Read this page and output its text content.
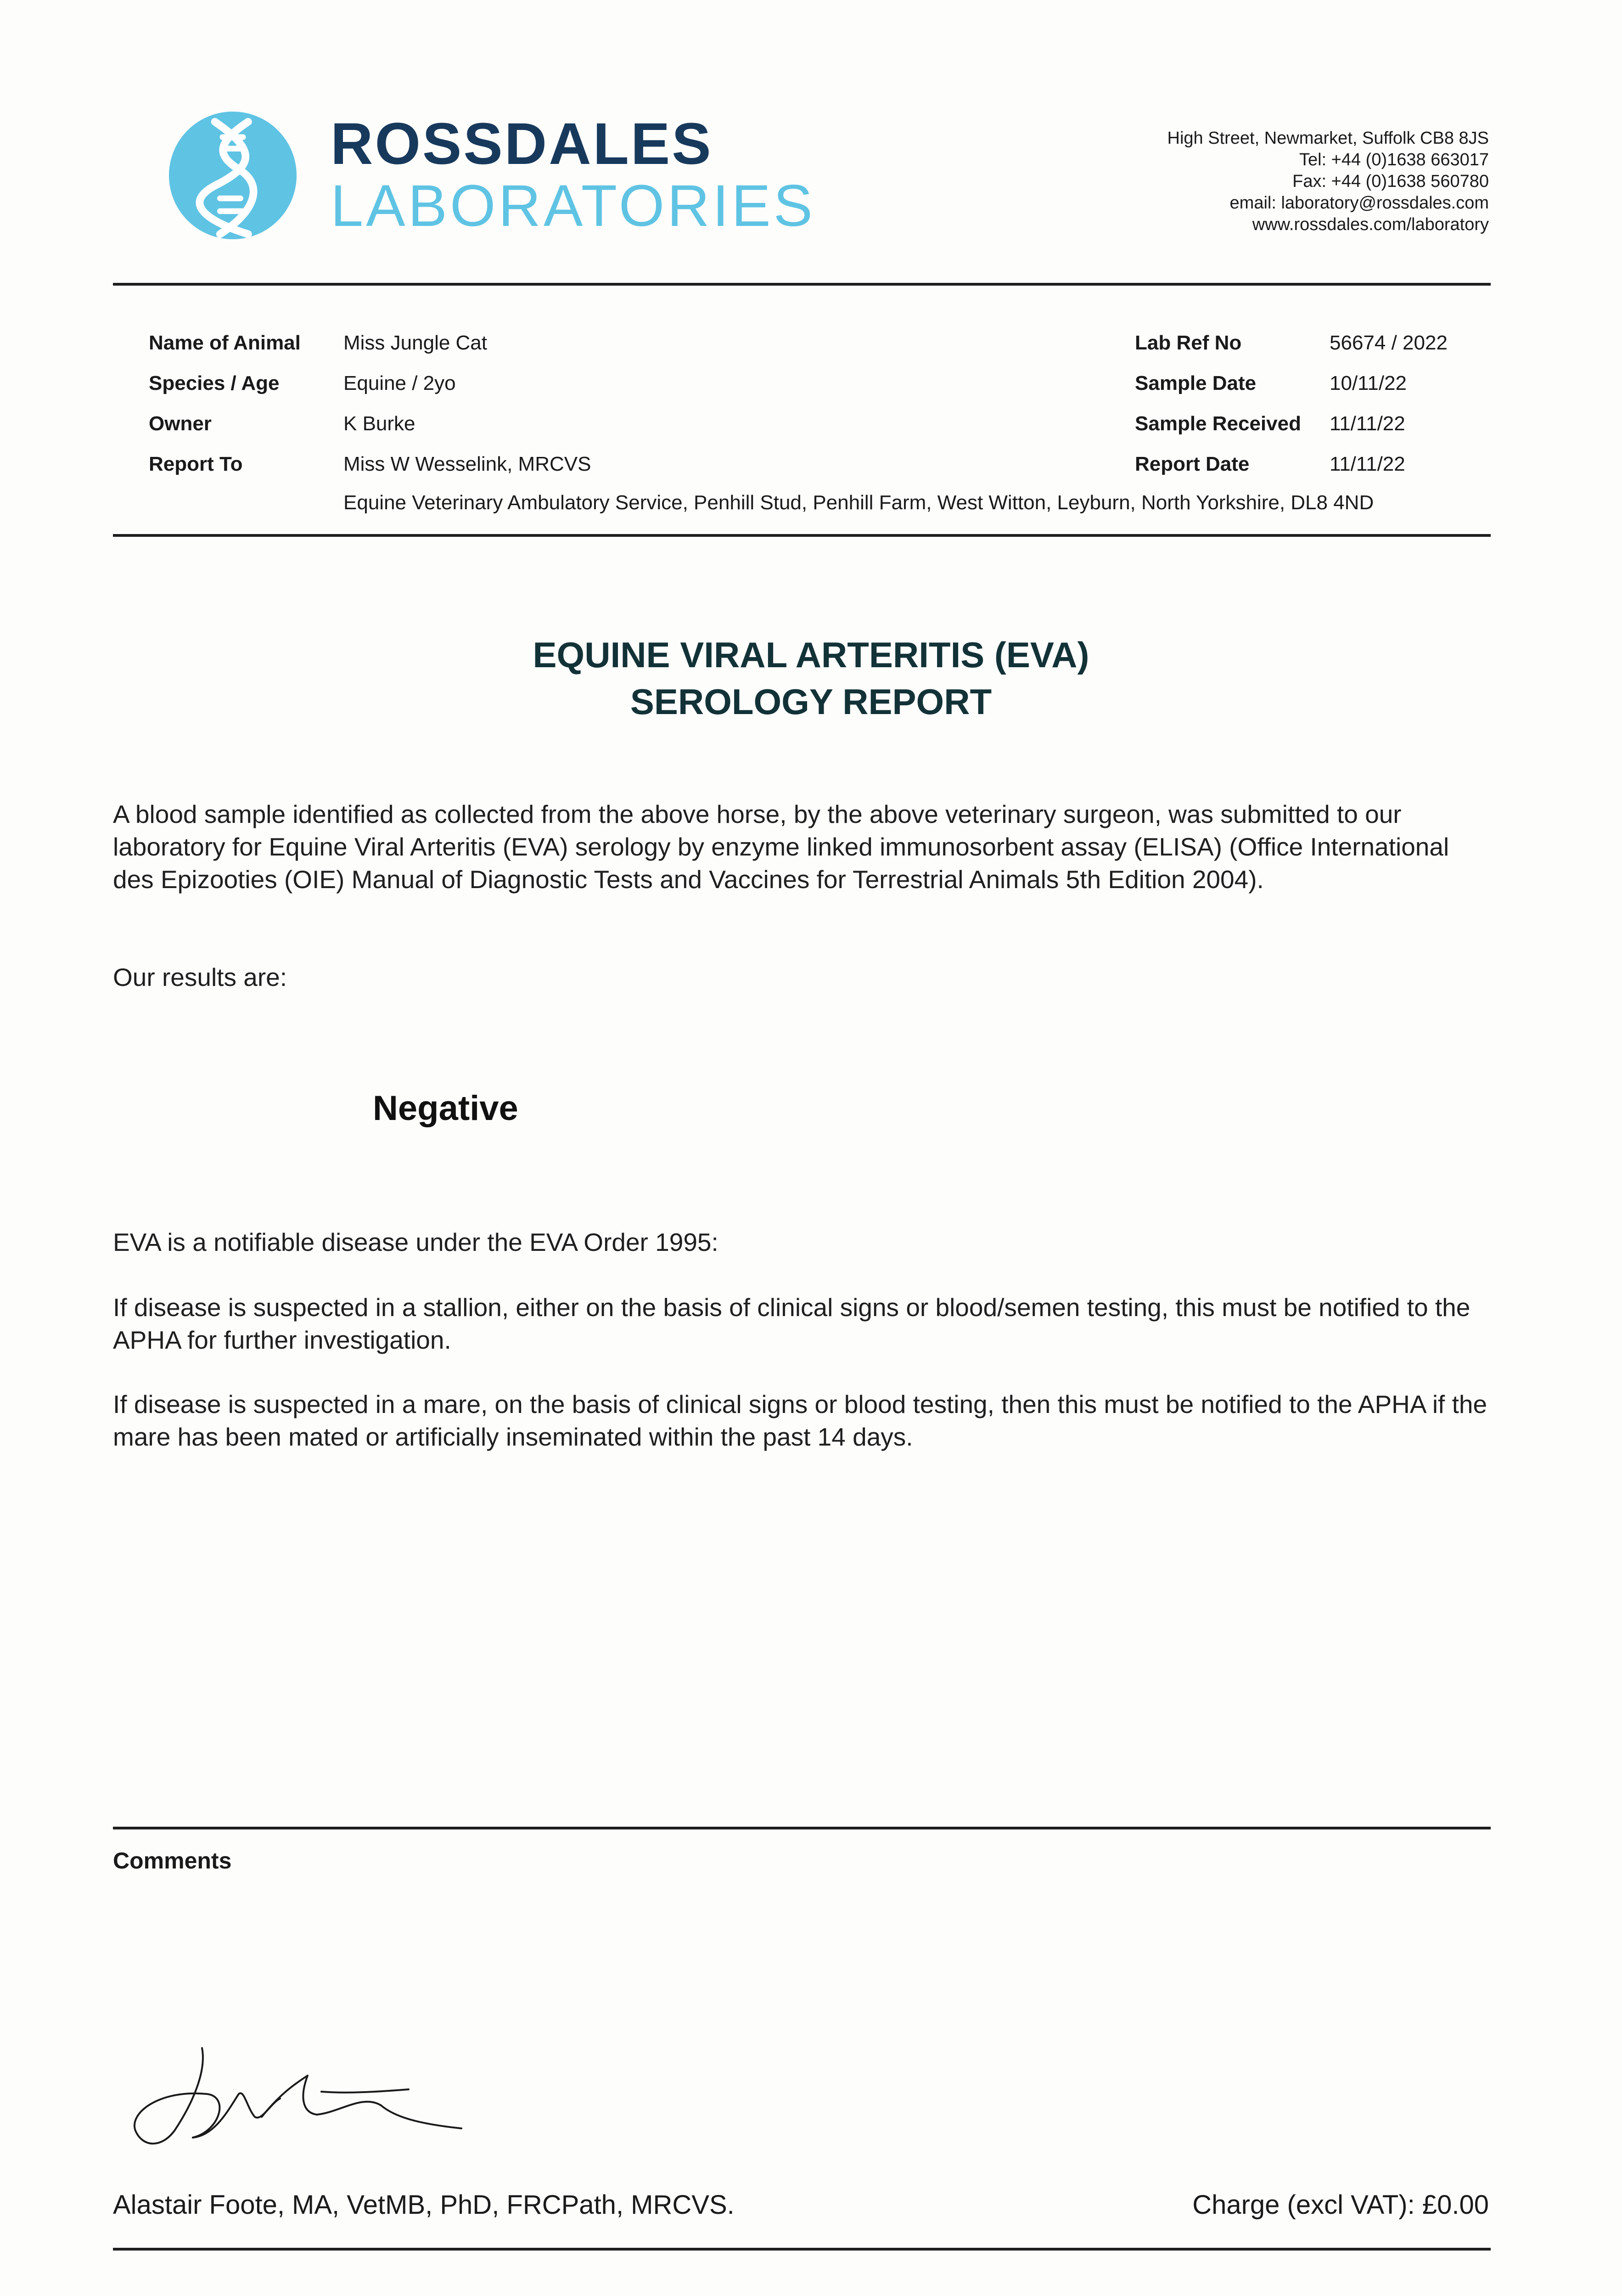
ROSSDALES
LABORATORIES
High Street, Newmarket, Suffolk CB8 8JS
Tel: +44 (0)1638 663017
Fax: +44 (0)1638 560780
email: laboratory@rossdales.com
www.rossdales.com/laboratory
Name of Animal Miss Jungle Cat
Species / Age	Equine / 2yo
Owner	K Burke
Report To	Miss W Wesselink, MRCVS
Equine Veterinary Ambulatory Service, Penhill Stud, Penhill Farm, West Witton, Leyburn, North Yorkshire, DL8 4ND
Lab Ref No	56674 / 2022
Sample Date	10/11/22
Sample Received 11/11/22
Report Date	11/11/22
EQUINE VIRAL ARTERITIS (EVA)
SEROLOGY REPORT
A blood sample identified as collected from the above horse, by the above veterinary surgeon, was submitted to our laboratory for Equine Viral Arteritis (EVA) serology by enzyme linked immunosorbent assay (ELISA) (Office International des Epizooties (OIE) Manual of Diagnostic Tests and Vaccines for Terrestrial Animals 5th Edition 2004).
Our results are:
Negative
EVA is a notifiable disease under the EVA Order 1995:
If disease is suspected in a stallion, either on the basis of clinical signs or blood/semen testing, this must be notified to the APHA for further investigation.
If disease is suspected in a mare, on the basis of clinical signs or blood testing, then this must be notified to the APHA if the mare has been mated or artificially inseminated within the past 14 days.
Comments
Alastair Foote, MA, VetMB, PhD, FRCPath, MRCVS.	Charge (excl VAT): £0.00
